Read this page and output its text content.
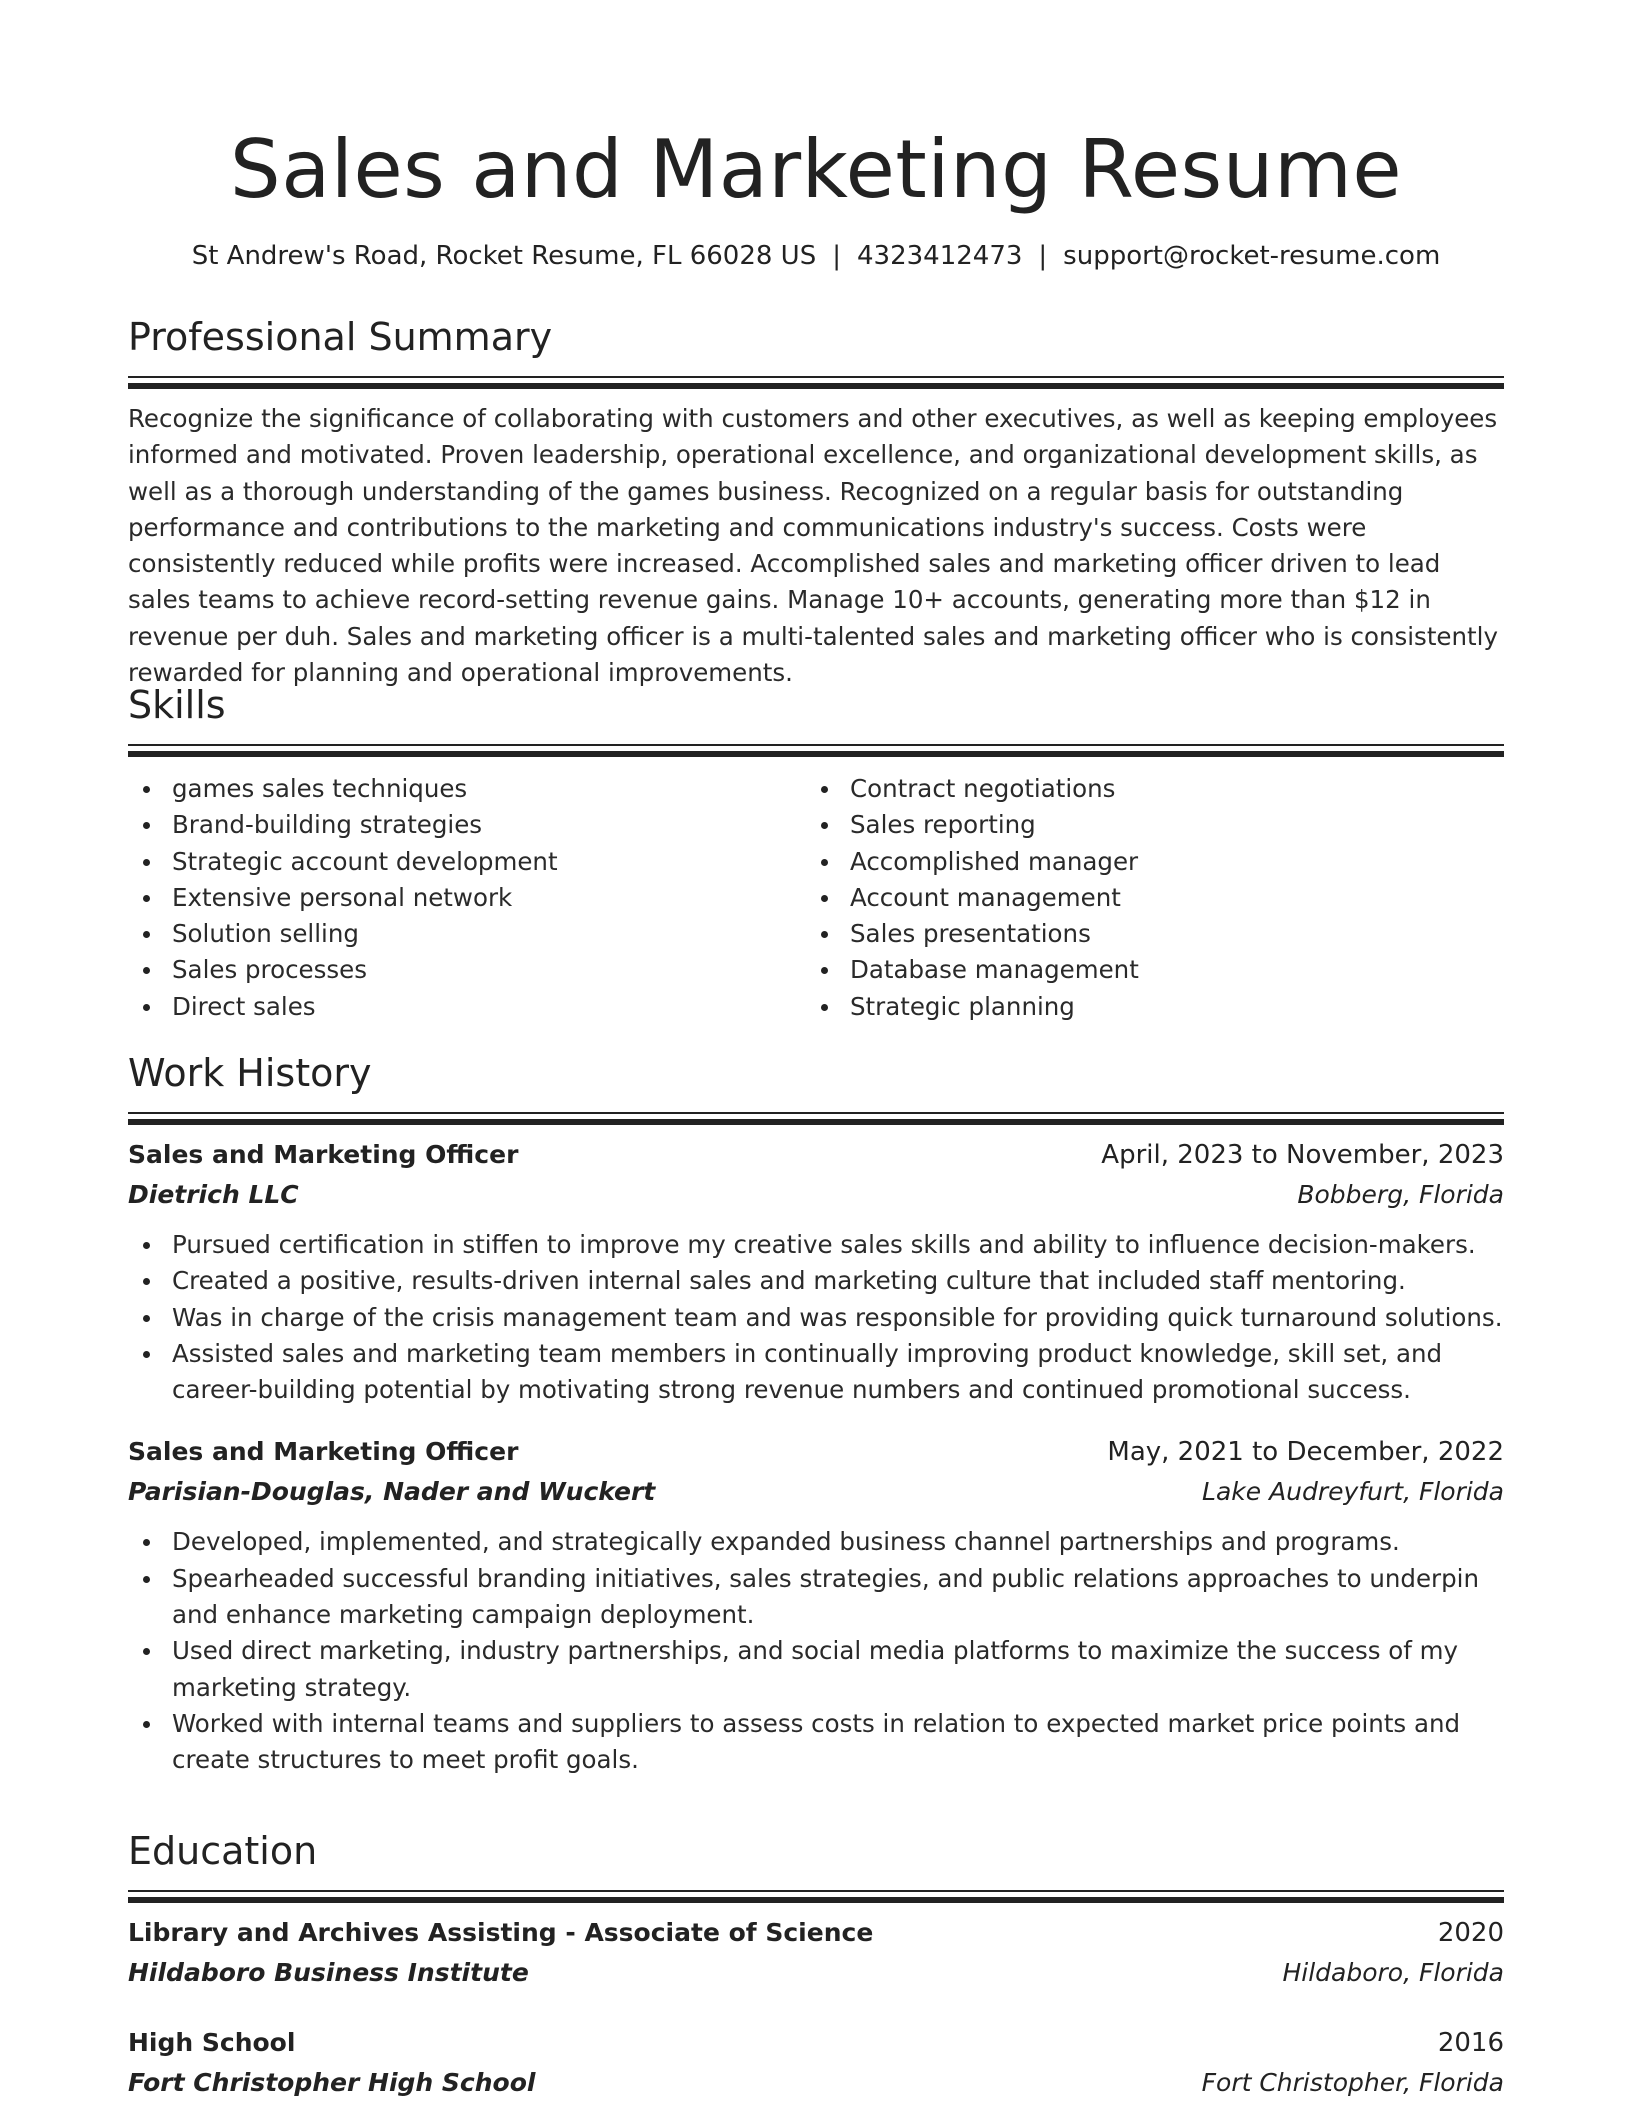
Sales and Marketing Resume
St Andrew's Road, Rocket Resume, FL 66028 US | 4323412473 | support@rocket-resume.com
Professional Summary

Recognize the significance of collaborating with customers and other executives, as well as keeping employees informed and motivated. Proven leadership, operational excellence, and organizational development skills, as well as a thorough understanding of the games business. Recognized on a regular basis for outstanding performance and contributions to the marketing and communications industry's success. Costs were consistently reduced while profits were increased. Accomplished sales and marketing officer driven to lead sales teams to achieve record-setting revenue gains. Manage 10+ accounts, generating more than $12 in revenue per duh. Sales and marketing officer is a multi-talented sales and marketing officer who is consistently rewarded for planning and operational improvements.

Skills
games sales techniques
Brand-building strategies
Strategic account development
Extensive personal network
Solution selling
Sales processes
Direct sales
Contract negotiations
Sales reporting
Accomplished manager
Account management
Sales presentations
Database management
Strategic planning
Work History
Sales and Marketing Officer	April, 2023 to November, 2023
Dietrich LLC	Bobberg, Florida
Pursued certification in stiffen to improve my creative sales skills and ability to influence decision-makers.
Created a positive, results-driven internal sales and marketing culture that included staff mentoring.
Was in charge of the crisis management team and was responsible for providing quick turnaround solutions.
Assisted sales and marketing team members in continually improving product knowledge, skill set, and career-building potential by motivating strong revenue numbers and continued promotional success.
Sales and Marketing Officer	May, 2021 to December, 2022
Parisian-Douglas, Nader and Wuckert	Lake Audreyfurt, Florida
Developed, implemented, and strategically expanded business channel partnerships and programs.
Spearheaded successful branding initiatives, sales strategies, and public relations approaches to underpin and enhance marketing campaign deployment.
Used direct marketing, industry partnerships, and social media platforms to maximize the success of my marketing strategy.
Worked with internal teams and suppliers to assess costs in relation to expected market price points and create structures to meet profit goals.
Education
Library and Archives Assisting - Associate of Science	2020
Hildaboro Business Institute	Hildaboro, Florida
High School	2016
Fort Christopher High School	Fort Christopher, Florida
